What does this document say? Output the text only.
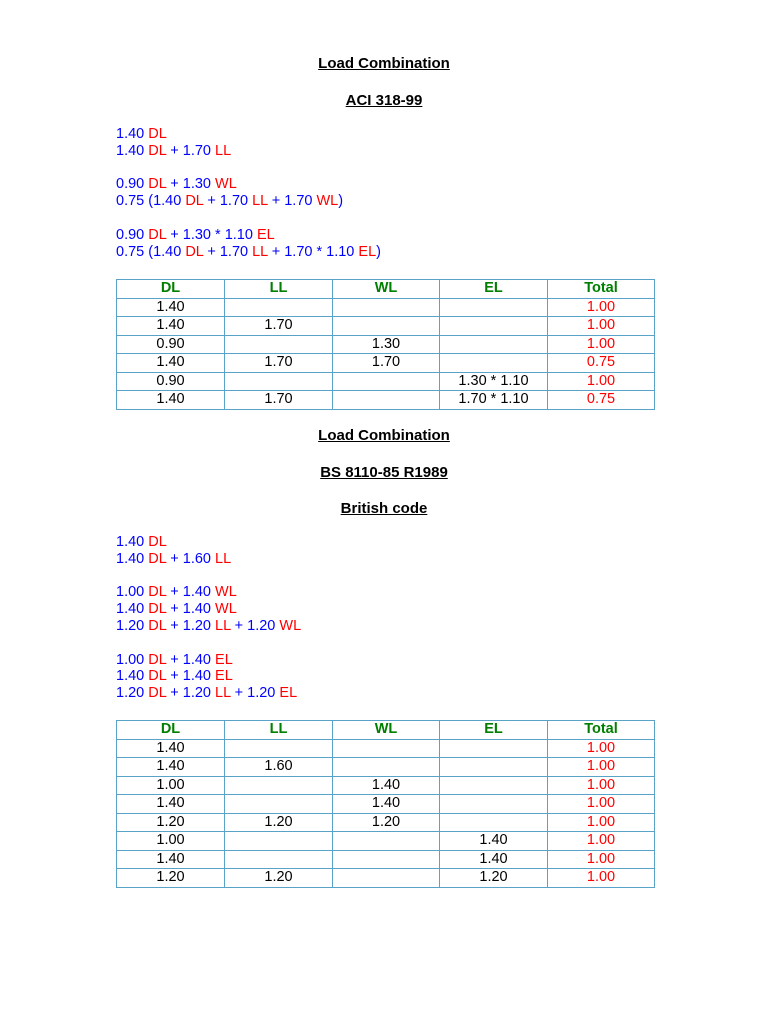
Load Combination
ACI 318-99
1.40 DL
1.40 DL + 1.70 LL
0.90 DL + 1.30 WL
0.75 (1.40 DL + 1.70 LL + 1.70 WL)
0.90 DL + 1.30 * 1.10 EL
0.75 (1.40 DL + 1.70 LL + 1.70 * 1.10 EL)
DL	LL	WL	EL	Total
1.40				1.00
1.40	1.70			1.00
0.90		1.30		1.00
1.40	1.70	1.70		0.75
0.90			1.30 * 1.10	1.00
1.40	1.70		1.70 * 1.10	0.75
Load Combination
BS 8110-85 R1989
British code
1.40 DL
1.40 DL + 1.60 LL
1.00 DL + 1.40 WL
1.40 DL + 1.40 WL
1.20 DL + 1.20 LL + 1.20 WL
1.00 DL + 1.40 EL
1.40 DL + 1.40 EL
1.20 DL + 1.20 LL + 1.20 EL
DL	LL	WL	EL	Total
1.40				1.00
1.40	1.60			1.00
1.00		1.40		1.00
1.40		1.40		1.00
1.20	1.20	1.20		1.00
1.00			1.40	1.00
1.40			1.40	1.00
1.20	1.20		1.20	1.00
